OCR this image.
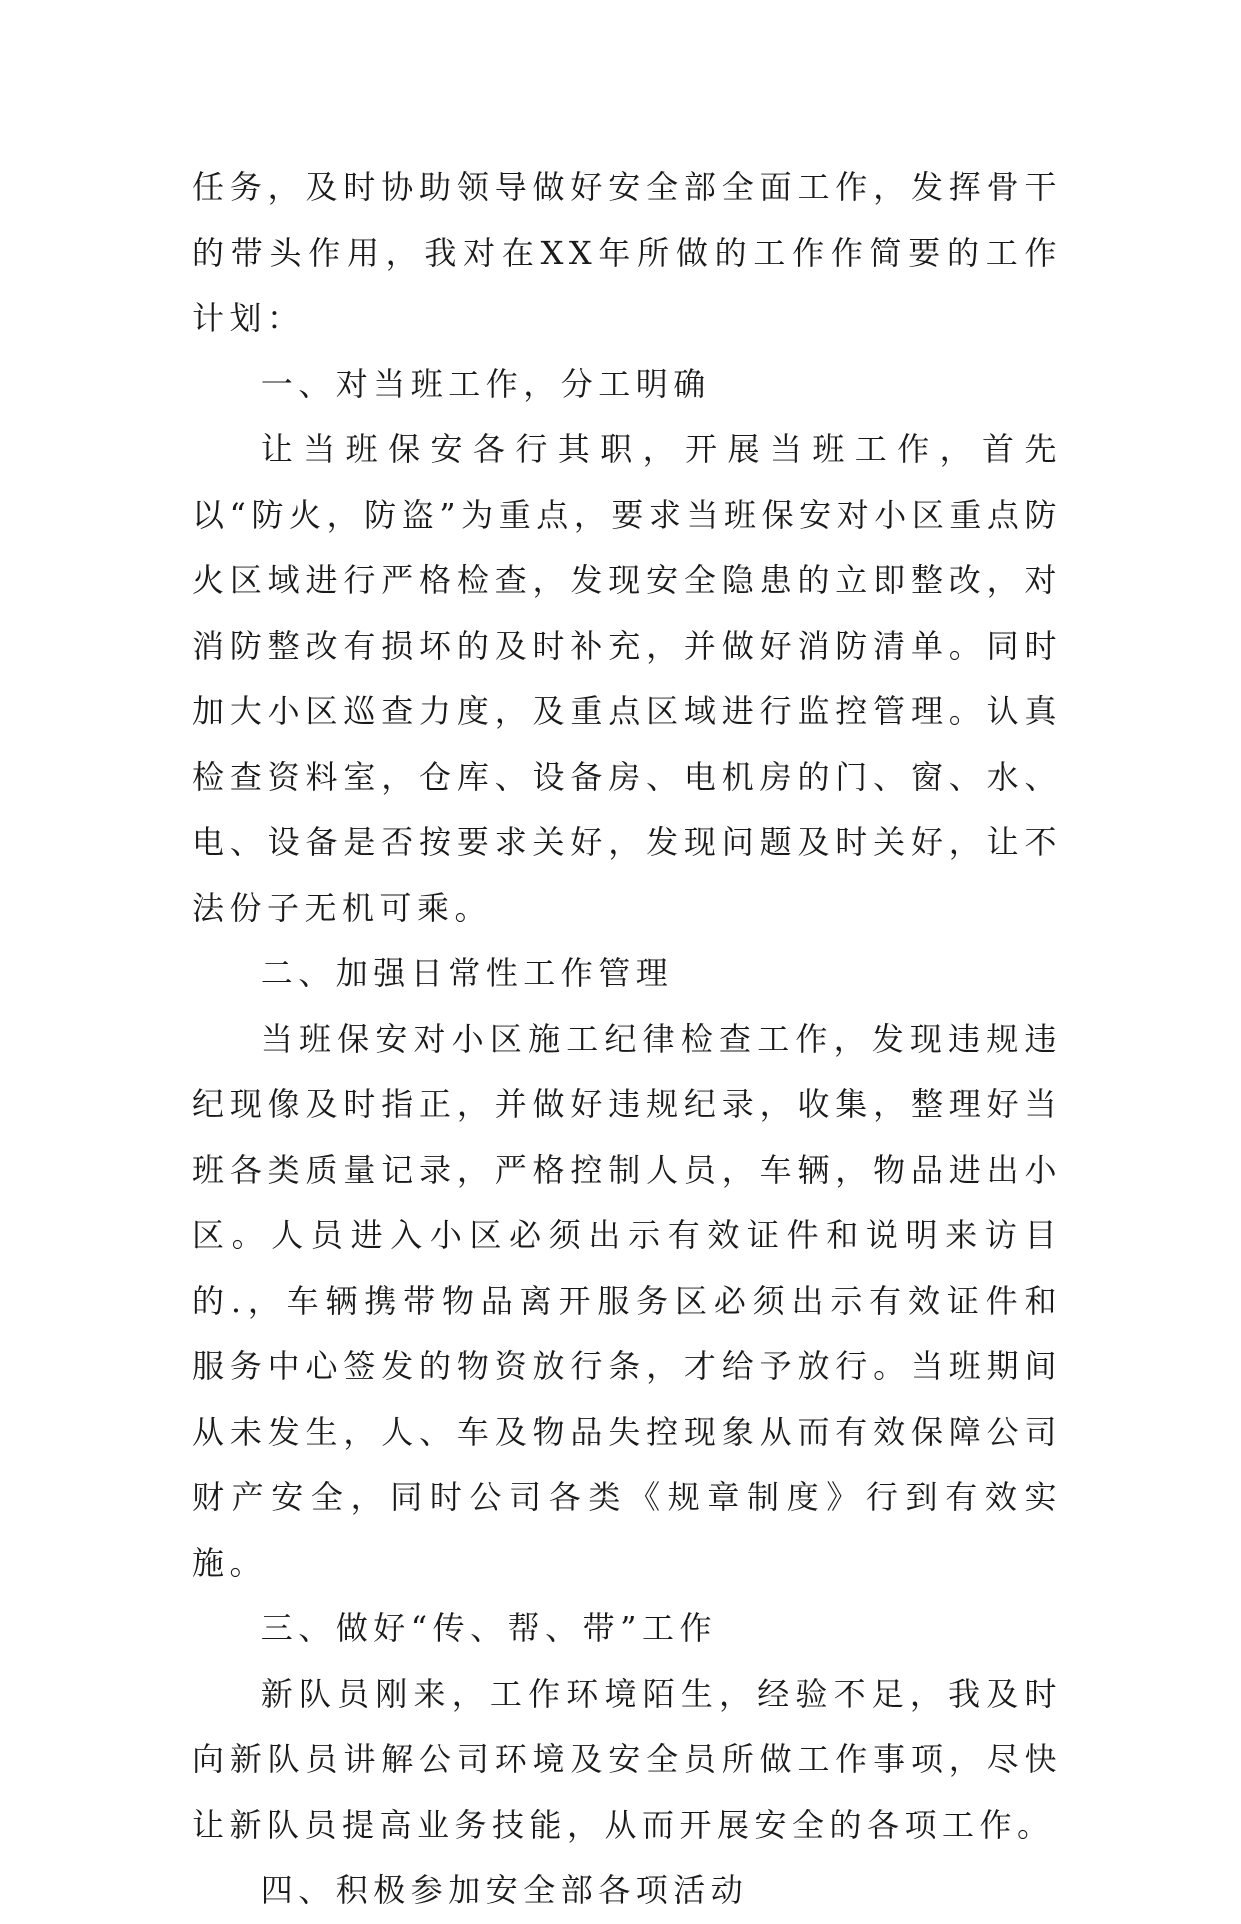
任务，及时协助领导做好安全部全面工作，发挥骨干的带头作用，我对在XX年所做的工作作简要的工作计划：

一、对当班工作，分工明确

让当班保安各行其职，开展当班工作，首先以“防火，防盗”为重点，要求当班保安对小区重点防火区域进行严格检查，发现安全隐患的立即整改，对消防整改有损坏的及时补充，并做好消防清单。同时加大小区巡查力度，及重点区域进行监控管理。认真检查资料室，仓库、设备房、电机房的门、窗、水、电、设备是否按要求关好，发现问题及时关好，让不法份子无机可乘。

二、加强日常性工作管理

当班保安对小区施工纪律检查工作，发现违规违纪现像及时指正，并做好违规纪录，收集，整理好当班各类质量记录，严格控制人员，车辆，物品进出小区。人员进入小区必须出示有效证件和说明来访目的.，车辆携带物品离开服务区必须出示有效证件和服务中心签发的物资放行条，才给予放行。当班期间从未发生，人、车及物品失控现象从而有效保障公司财产安全，同时公司各类《规章制度》行到有效实施。

三、做好“传、帮、带”工作

新队员刚来，工作环境陌生，经验不足，我及时向新队员讲解公司环境及安全员所做工作事项，尽快让新队员提高业务技能，从而开展安全的各项工作。

四、积极参加安全部各项活动
